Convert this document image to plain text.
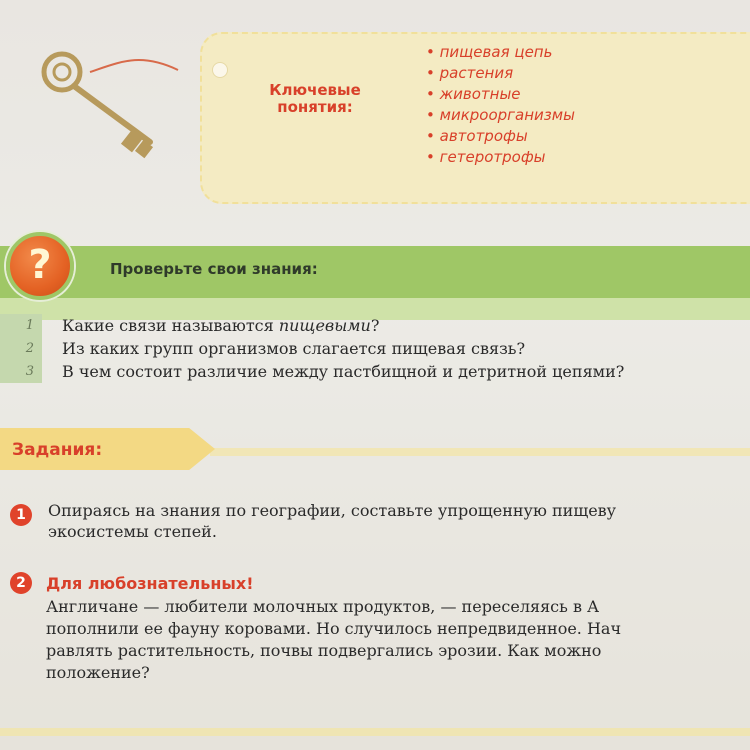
Ключевые
понятия:
• пищевая цепь
• растения
• животные
• микроорганизмы
• автотрофы
• гетеротрофы
?	Проверьте свои знания:
1	Какие связи называются пищевыми?
2	Из каких групп организмов слагается пищевая связь?
3	В чем состоит различие между пастбищной и детритной цепями?
Задания:
1	Опираясь на знания по географии, составьте упрощенную пищеву
экосистемы степей.
2	Для любознательных!
Англичане — любители молочных продуктов, — переселяясь в А
пополнили ее фауну коровами. Но случилось непредвиденное. Нач
равлять растительность, почвы подвергались эрозии. Как можно
положение?
